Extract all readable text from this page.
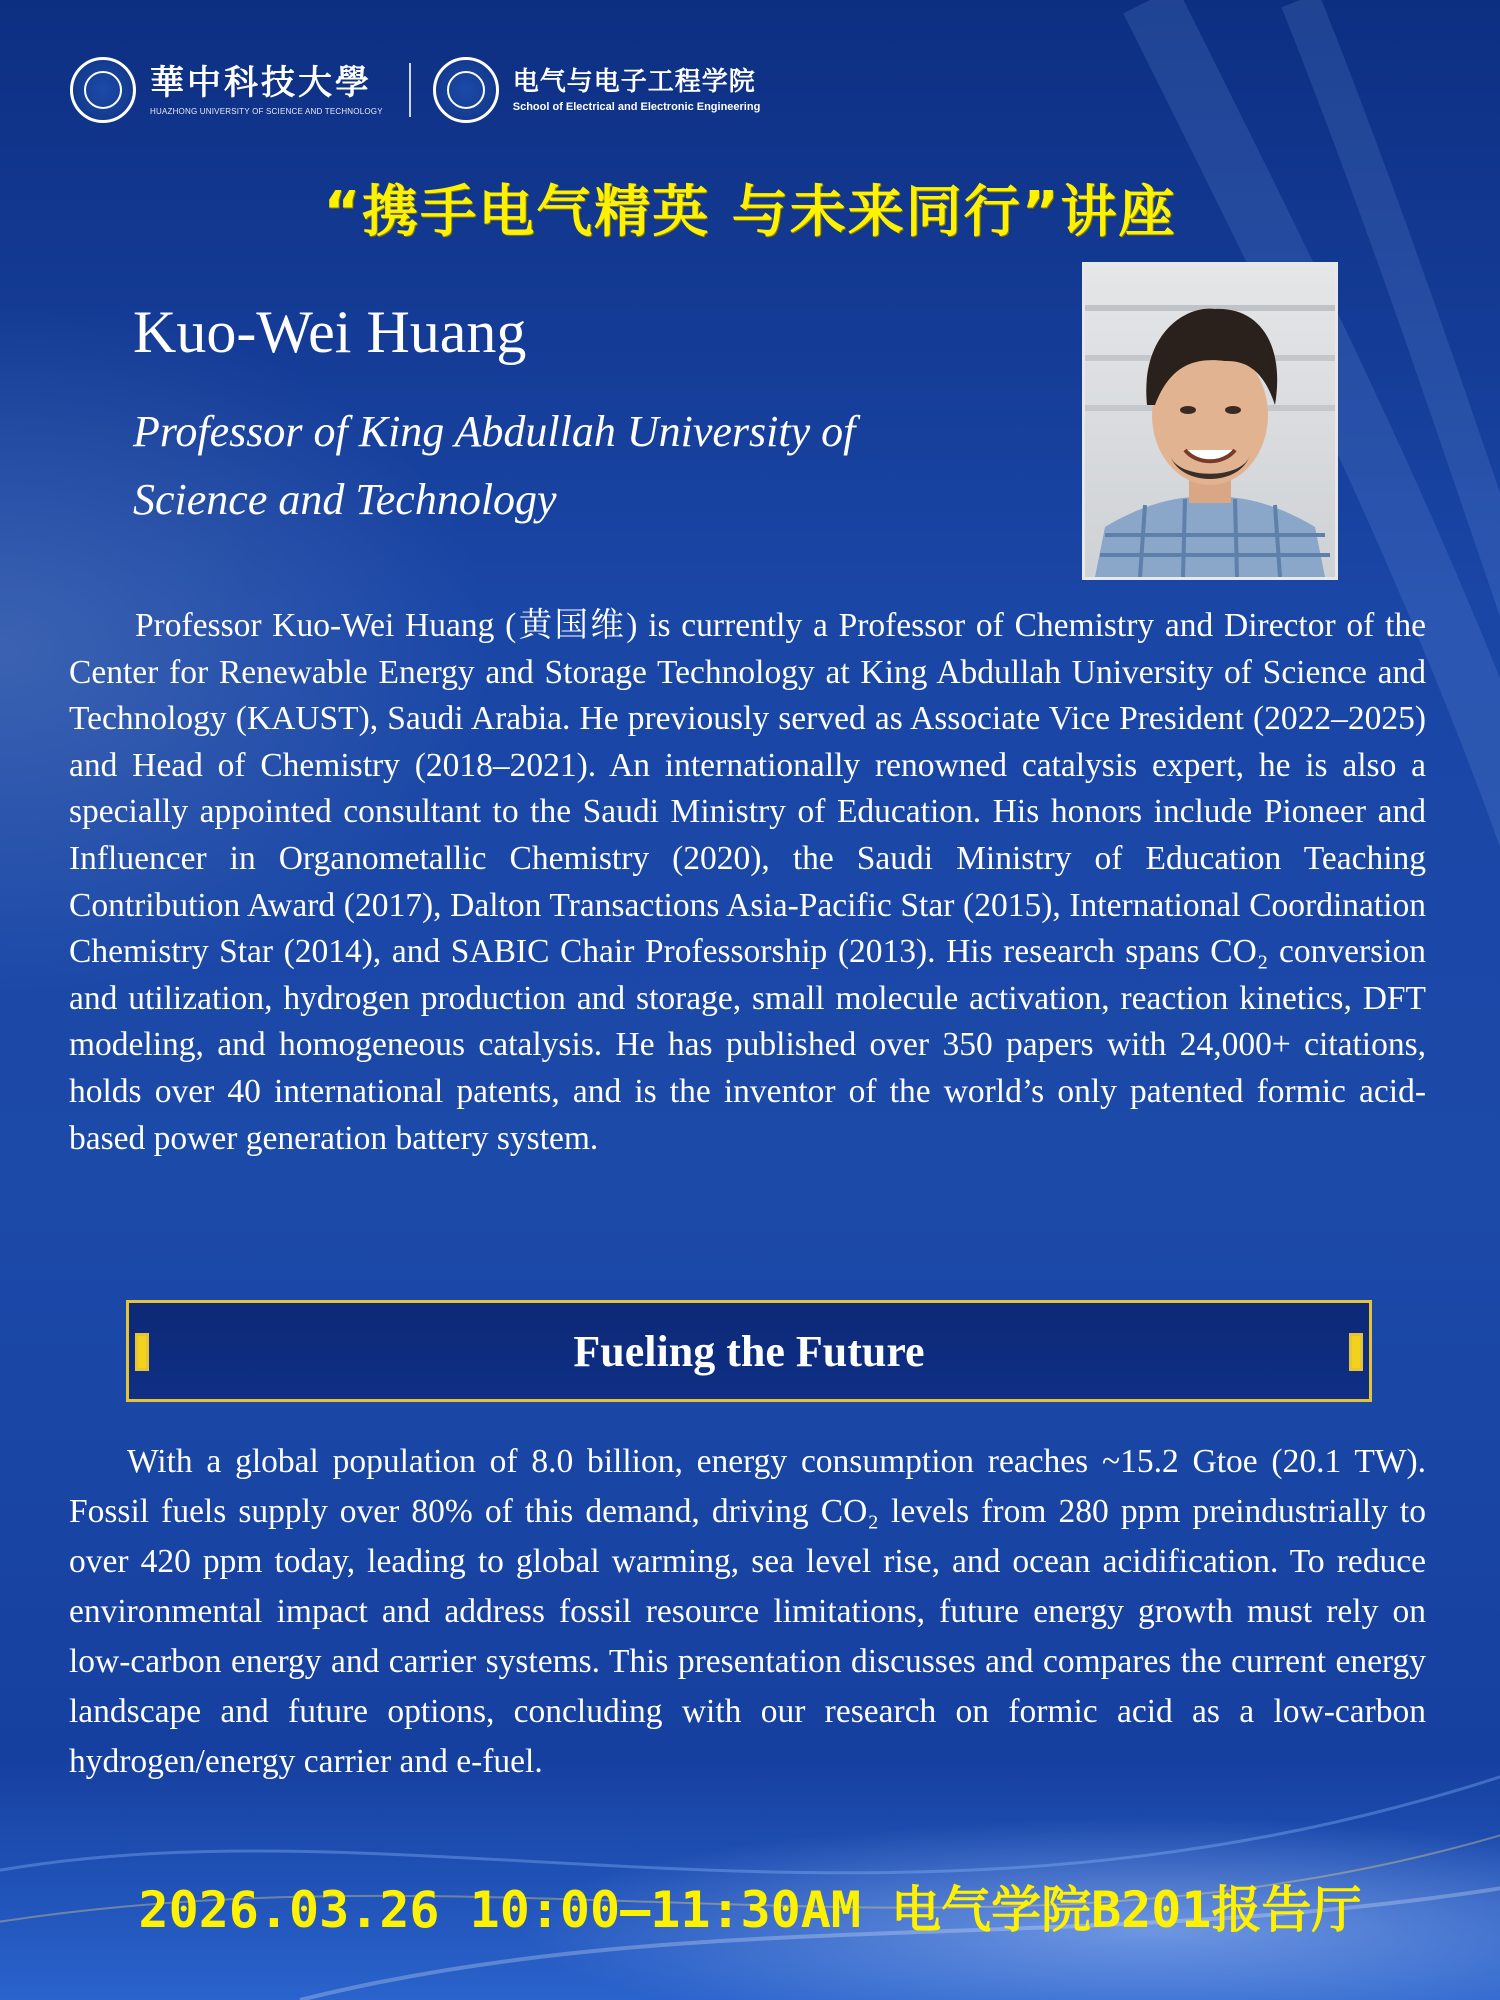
華中科技大學
HUAZHONG UNIVERSITY OF SCIENCE AND TECHNOLOGY
电气与电子工程学院
School of Electrical and Electronic Engineering
“携手电气精英 与未来同行”讲座
Kuo-Wei Huang
Professor of King Abdullah University of
Science and Technology
Professor Kuo-Wei Huang (黄国维) is currently a Professor of Chemistry and Director of the Center for Renewable Energy and Storage Technology at King Abdullah University of Science and Technology (KAUST), Saudi Arabia. He previously served as Associate Vice President (2022–2025) and Head of Chemistry (2018–2021). An internationally renowned catalysis expert, he is also a specially appointed consultant to the Saudi Ministry of Education. His honors include Pioneer and Influencer in Organometallic Chemistry (2020), the Saudi Ministry of Education Teaching Contribution Award (2017), Dalton Transactions Asia-Pacific Star (2015), International Coordination Chemistry Star (2014), and SABIC Chair Professorship (2013). His research spans CO₂ conversion and utilization, hydrogen production and storage, small molecule activation, reaction kinetics, DFT modeling, and homogeneous catalysis. He has published over 350 papers with 24,000+ citations, holds over 40 international patents, and is the inventor of the world’s only patented formic acid-based power generation battery system.
Fueling the Future
With a global population of 8.0 billion, energy consumption reaches ~15.2 Gtoe (20.1 TW). Fossil fuels supply over 80% of this demand, driving CO₂ levels from 280 ppm preindustrially to over 420 ppm today, leading to global warming, sea level rise, and ocean acidification. To reduce environmental impact and address fossil resource limitations, future energy growth must rely on low-carbon energy and carrier systems. This presentation discusses and compares the current energy landscape and future options, concluding with our research on formic acid as a low-carbon hydrogen/energy carrier and e-fuel.
2026.03.26 10:00—11:30AM 电气学院B201报告厅
